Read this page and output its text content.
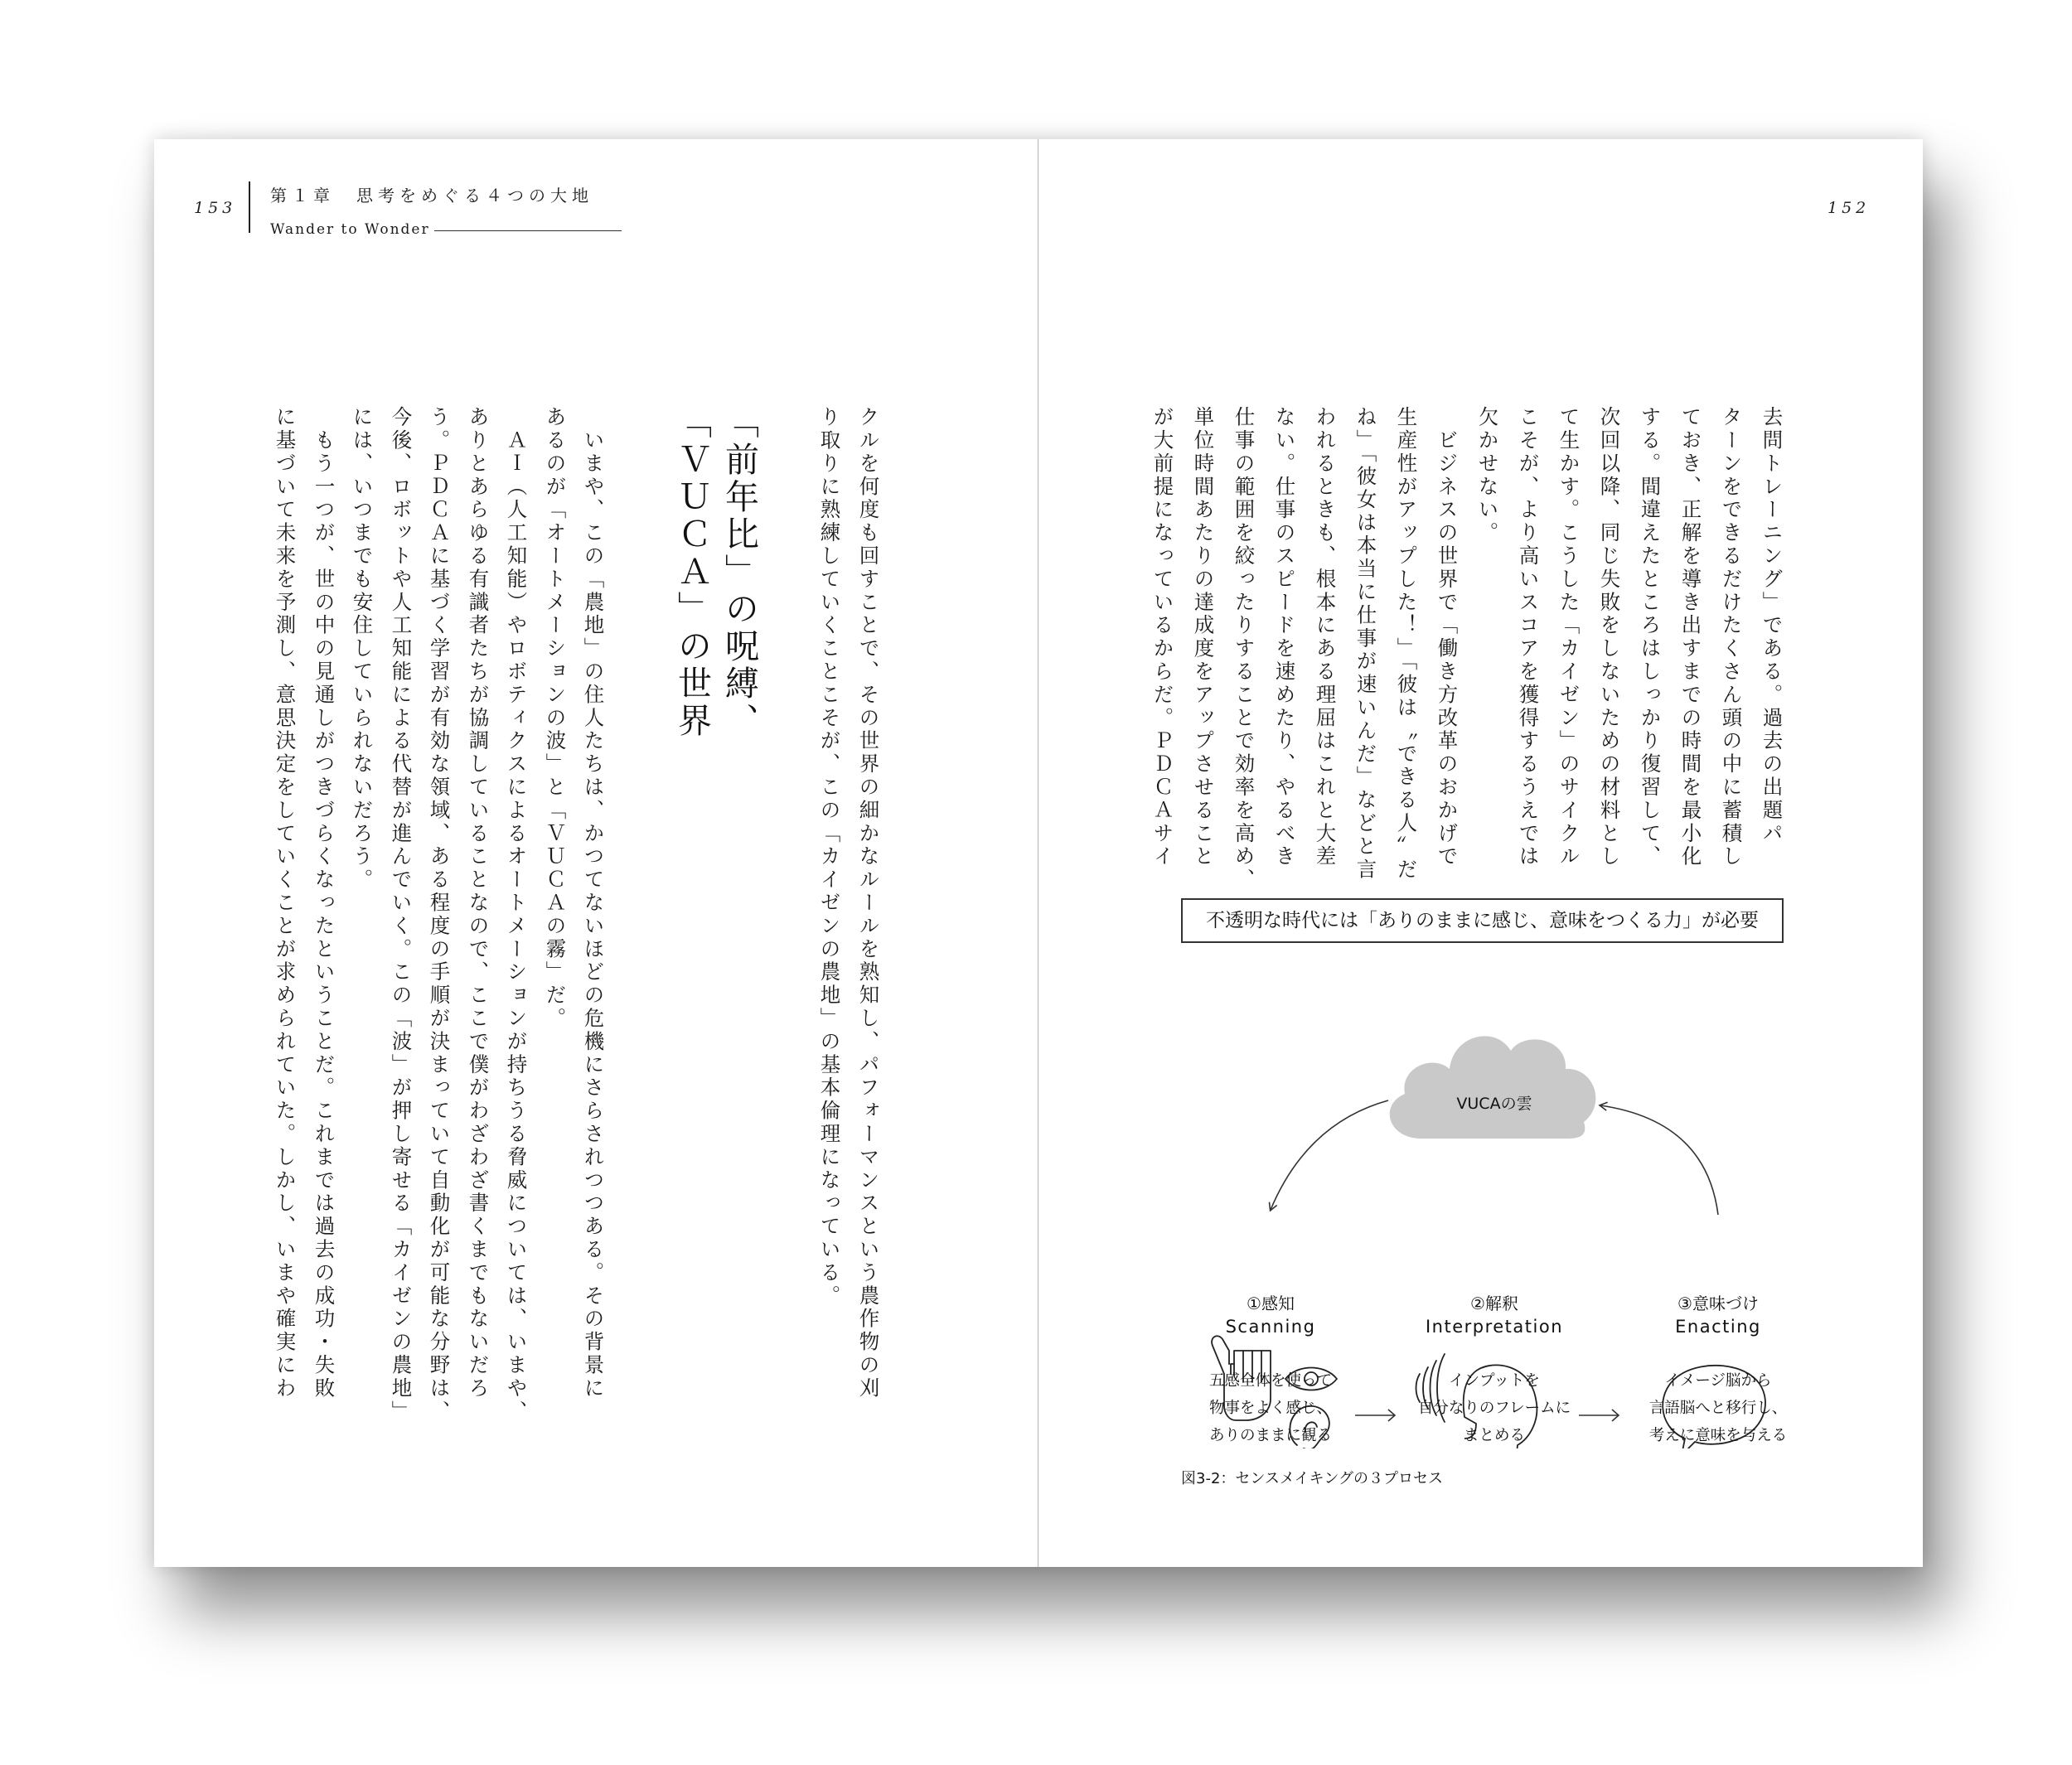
153
第１章　思考をめぐる４つの大地
Wander to Wonder
クルを何度も回すことで、その世界の細かなルールを熟知し、パフォーマンスという農作物の刈
り取りに熟練していくことこそが、この「カイゼンの農地」の基本倫理になっている。
「前年比」の呪縛、
「ＶＵＣＡ」の世界
　いまや、この「農地」の住人たちは、かつてないほどの危機にさらされつつある。その背景に
あるのが「オートメーションの波」と「ＶＵＣＡの霧」だ。
　ＡＩ（人工知能）やロボティクスによるオートメーションが持ちうる脅威については、いまや、
ありとあらゆる有識者たちが協調していることなので、ここで僕がわざわざ書くまでもないだろ
う。ＰＤＣＡに基づく学習が有効な領域、ある程度の手順が決まっていて自動化が可能な分野は、
今後、ロボットや人工知能による代替が進んでいく。この「波」が押し寄せる「カイゼンの農地」
には、いつまでも安住していられないだろう。
　もう一つが、世の中の見通しがつきづらくなったということだ。これまでは過去の成功・失敗
に基づいて未来を予測し、意思決定をしていくことが求められていた。しかし、いまや確実にわ
152
去問トレーニング」である。過去の出題パ
ターンをできるだけたくさん頭の中に蓄積し
ておき、正解を導き出すまでの時間を最小化
する。間違えたところはしっかり復習して、
次回以降、同じ失敗をしないための材料とし
て生かす。こうした「カイゼン」のサイクル
こそが、より高いスコアを獲得するうえでは
欠かせない。
　ビジネスの世界で「働き方改革のおかげで
生産性がアップした！」「彼は〝できる人〟だ
ね」「彼女は本当に仕事が速いんだ」などと言
われるときも、根本にある理屈はこれと大差
ない。仕事のスピードを速めたり、やるべき
仕事の範囲を絞ったりすることで効率を高め、
単位時間あたりの達成度をアップさせること
が大前提になっているからだ。ＰＤＣＡサイ
不透明な時代には「ありのままに感じ、意味をつくる力」が必要
VUCAの雲
①感知
Scanning
②解釈
Interpretation
③意味づけ
Enacting
図3-2：センスメイキングの３プロセス
五感全体を使って
物事をよく感じ、
ありのままに観る
インプットを
自分なりのフレームに
まとめる
イメージ脳から
言語脳へと移行し、
考えに意味を与える
